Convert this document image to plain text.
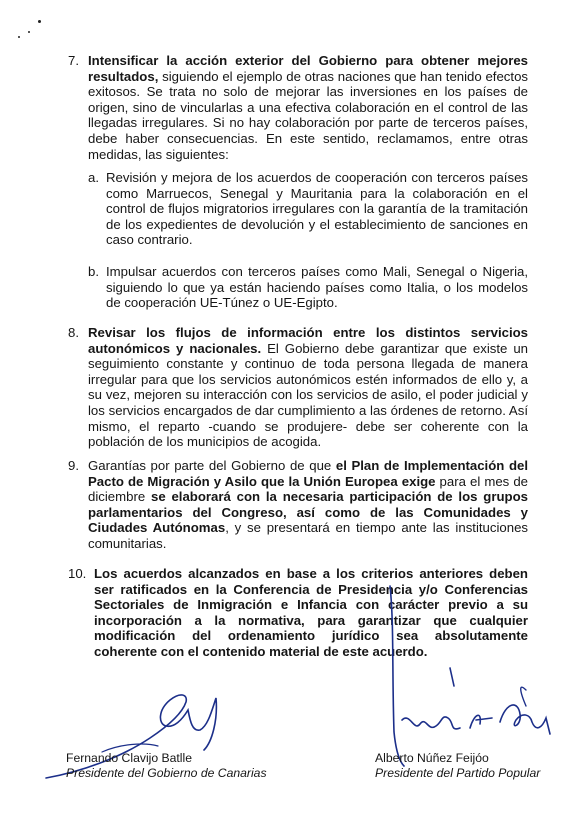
7. Intensificar la acción exterior del Gobierno para obtener mejores resultados, siguiendo el ejemplo de otras naciones que han tenido efectos exitosos. Se trata no solo de mejorar las inversiones en los países de origen, sino de vincularlas a una efectiva colaboración en el control de las llegadas irregulares. Si no hay colaboración por parte de terceros países, debe haber consecuencias. En este sentido, reclamamos, entre otras medidas, las siguientes:
a. Revisión y mejora de los acuerdos de cooperación con terceros países como Marruecos, Senegal y Mauritania para la colaboración en el control de flujos migratorios irregulares con la garantía de la tramitación de los expedientes de devolución y el establecimiento de sanciones en caso contrario.
b. Impulsar acuerdos con terceros países como Mali, Senegal o Nigeria, siguiendo lo que ya están haciendo países como Italia, o los modelos de cooperación UE-Túnez o UE-Egipto.
8. Revisar los flujos de información entre los distintos servicios autonómicos y nacionales. El Gobierno debe garantizar que existe un seguimiento constante y continuo de toda persona llegada de manera irregular para que los servicios autonómicos estén informados de ello y, a su vez, mejoren su interacción con los servicios de asilo, el poder judicial y los servicios encargados de dar cumplimiento a las órdenes de retorno. Así mismo, el reparto -cuando se produjere- debe ser coherente con la población de los municipios de acogida.
9. Garantías por parte del Gobierno de que el Plan de Implementación del Pacto de Migración y Asilo que la Unión Europea exige para el mes de diciembre se elaborará con la necesaria participación de los grupos parlamentarios del Congreso, así como de las Comunidades y Ciudades Autónomas, y se presentará en tiempo ante las instituciones comunitarias.
10. Los acuerdos alcanzados en base a los criterios anteriores deben ser ratificados en la Conferencia de Presidencia y/o Conferencias Sectoriales de Inmigración e Infancia con carácter previo a su incorporación a la normativa, para garantizar que cualquier modificación del ordenamiento jurídico sea absolutamente coherente con el contenido material de este acuerdo.
Fernando Clavijo Batlle
Presidente del Gobierno de Canarias
Alberto Núñez Feijóo
Presidente del Partido Popular
